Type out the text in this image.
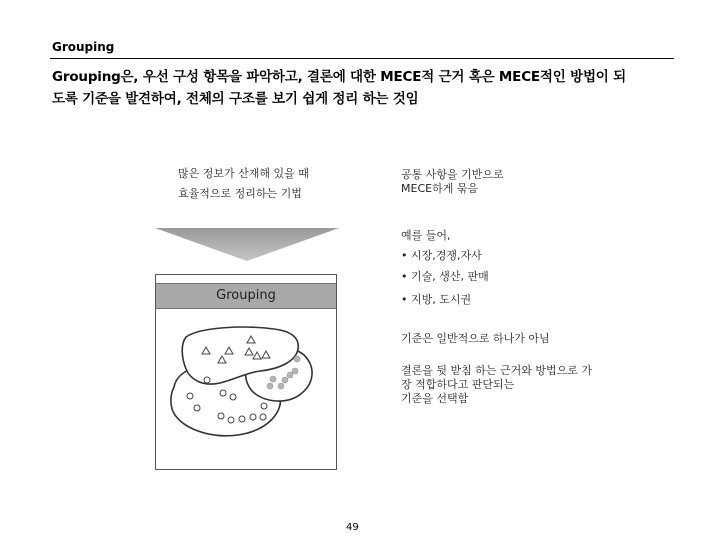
Grouping
Grouping은, 우선 구성 항목을 파악하고, 결론에 대한 MECE적 근거 혹은 MECE적인 방법이 되
도록 기준을 발견하여, 전체의 구조를 보기 쉽게 정리 하는 것임
많은 정보가 산재해 있을 때
효율적으로 정리하는 기법
Grouping
공통 사항을 기반으로
MECE하게 묶음
예를 들어,
• 시장,경쟁,자사
• 기술, 생산, 판매
• 지방, 도시권
기준은 일반적으로 하나가 아님
결론을 뒷 받침 하는 근거와 방법으로 가
장 적합하다고 판단되는
기준을 선택함
49
